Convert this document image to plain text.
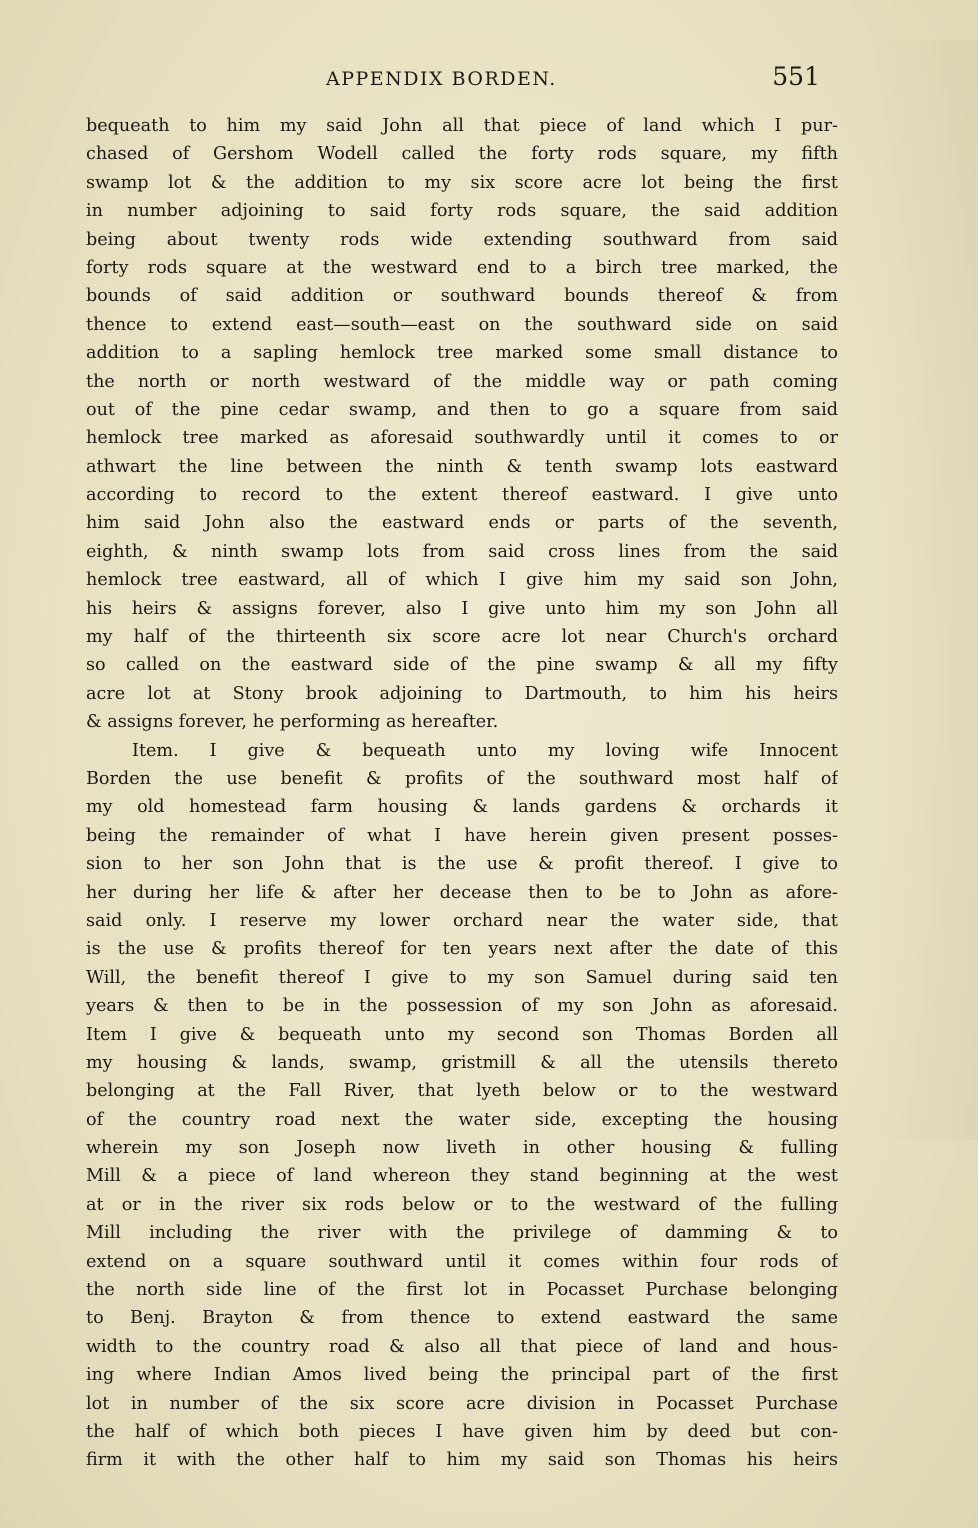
APPENDIX BORDEN.	551
bequeath to him my said John all that piece of land which I pur-
chased of Gershom Wodell called the forty rods square, my fifth
swamp lot & the addition to my six score acre lot being the first
in number adjoining to said forty rods square, the said addition
being about twenty rods wide extending southward from said
forty rods square at the westward end to a birch tree marked, the
bounds of said addition or southward bounds thereof & from
thence to extend east—south—east on the southward side on said
addition to a sapling hemlock tree marked some small distance to
the north or north westward of the middle way or path coming
out of the pine cedar swamp, and then to go a square from said
hemlock tree marked as aforesaid southwardly until it comes to or
athwart the line between the ninth & tenth swamp lots eastward
according to record to the extent thereof eastward. I give unto
him said John also the eastward ends or parts of the seventh,
eighth, & ninth swamp lots from said cross lines from the said
hemlock tree eastward, all of which I give him my said son John,
his heirs & assigns forever, also I give unto him my son John all
my half of the thirteenth six score acre lot near Church's orchard
so called on the eastward side of the pine swamp & all my fifty
acre lot at Stony brook adjoining to Dartmouth, to him his heirs
& assigns forever, he performing as hereafter.
Item. I give & bequeath unto my loving wife Innocent
Borden the use benefit & profits of the southward most half of
my old homestead farm housing & lands gardens & orchards it
being the remainder of what I have herein given present posses-
sion to her son John that is the use & profit thereof. I give to
her during her life & after her decease then to be to John as afore-
said only. I reserve my lower orchard near the water side, that
is the use & profits thereof for ten years next after the date of this
Will, the benefit thereof I give to my son Samuel during said ten
years & then to be in the possession of my son John as aforesaid.
Item I give & bequeath unto my second son Thomas Borden all
my housing & lands, swamp, gristmill & all the utensils thereto
belonging at the Fall River, that lyeth below or to the westward
of the country road next the water side, excepting the housing
wherein my son Joseph now liveth in other housing & fulling
Mill & a piece of land whereon they stand beginning at the west
at or in the river six rods below or to the westward of the fulling
Mill including the river with the privilege of damming & to
extend on a square southward until it comes within four rods of
the north side line of the first lot in Pocasset Purchase belonging
to Benj. Brayton & from thence to extend eastward the same
width to the country road & also all that piece of land and hous-
ing where Indian Amos lived being the principal part of the first
lot in number of the six score acre division in Pocasset Purchase
the half of which both pieces I have given him by deed but con-
firm it with the other half to him my said son Thomas his heirs
